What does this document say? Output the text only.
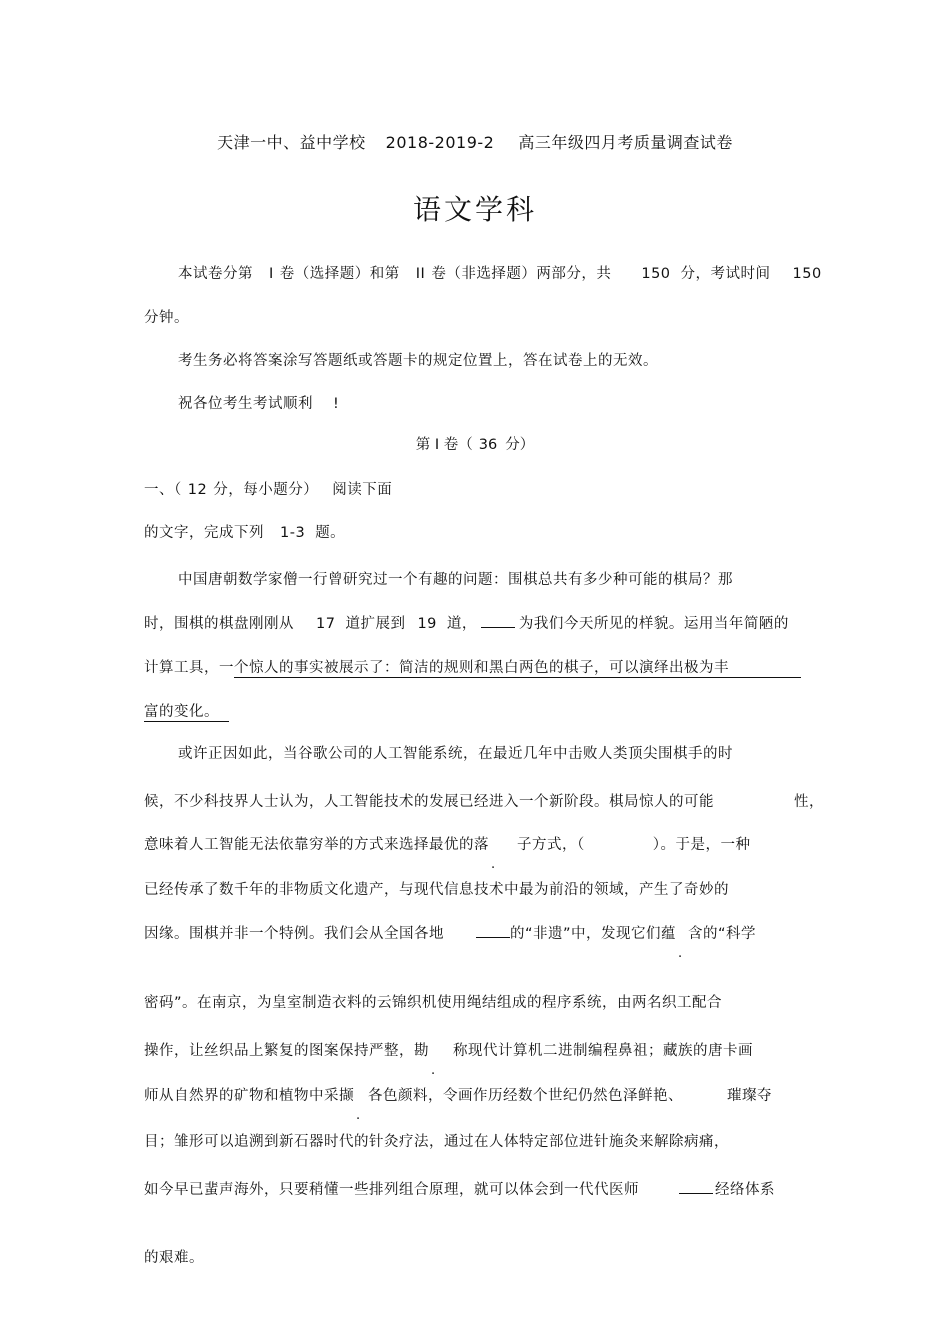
天津一中、益中学校 2018-2019-2 高三年级四月考质量调查试卷
语文学科
本试卷分第 I 卷（选择题）和第 II 卷（非选择题）两部分，共 150 分，考试时间 150
分钟。
考生务必将答案涂写答题纸或答题卡的规定位置上，答在试卷上的无效。
祝各位考生考试顺利 !
第 I 卷（ 36 分）
一、（ 12 分，每小题分） 阅读下面
的文字，完成下列 1-3 题。
中国唐朝数学家僧一行曾研究过一个有趣的问题：围棋总共有多少种可能的棋局？那
时，围棋的棋盘刚刚从 17 道扩展到 19 道，	为我们今天所见的样貌。运用当年简陋的
计算工具，一个惊人的事实被展示了：简洁的规则和黑白两色的棋子，可以演绎出极为丰
富的变化。
或许正因如此，当谷歌公司的人工智能系统，在最近几年中击败人类顶尖围棋手的时
候，不少科技界人士认为，人工智能技术的发展已经进入一个新阶段。棋局惊人的可能	性，
意味着人工智能无法依靠穷举的方式来选择最优的落 子方式，（	）。于是，一种
已经传承了数千年的非物质文化遗产，与现代信息技术中最为前沿的领域，产生了奇妙的
因缘。围棋并非一个特例。我们会从全国各地	的“非遗”中，发现它们蕴 含的“科学
密码”。在南京，为皇室制造衣料的云锦织机使用绳结组成的程序系统，由两名织工配合
操作，让丝织品上繁复的图案保持严整，勘 称现代计算机二进制编程鼻祖；藏族的唐卡画
师从自然界的矿物和植物中采撷 各色颜料，令画作历经数个世纪仍然色泽鲜艳、	璀璨夺
目；雏形可以追溯到新石器时代的针灸疗法，通过在人体特定部位进针施灸来解除病痛，
如今早已蜚声海外，只要稍懂一些排列组合原理，就可以体会到一代代医师	经络体系
的艰难。
